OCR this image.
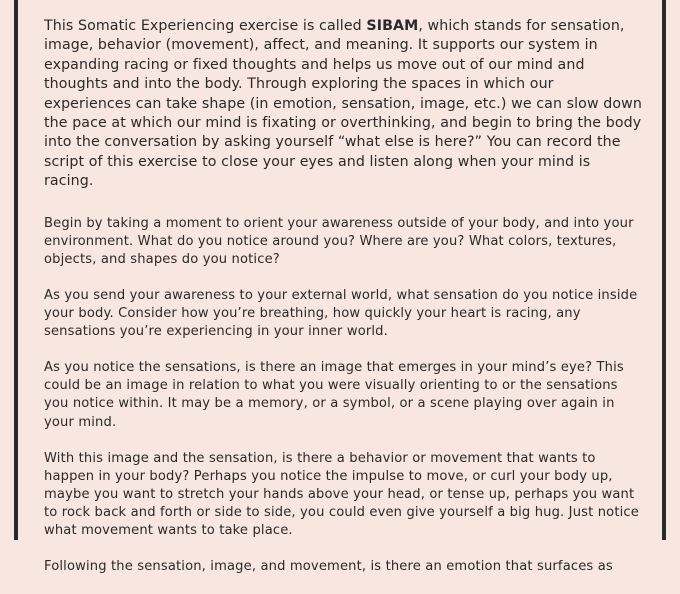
This Somatic Experiencing exercise is called SIBAM, which stands for sensation, image, behavior (movement), affect, and meaning. It supports our system in expanding racing or fixed thoughts and helps us move out of our mind and thoughts and into the body. Through exploring the spaces in which our experiences can take shape (in emotion, sensation, image, etc.) we can slow down the pace at which our mind is fixating or overthinking, and begin to bring the body into the conversation by asking yourself “what else is here?” You can record the script of this exercise to close your eyes and listen along when your mind is racing.

Begin by taking a moment to orient your awareness outside of your body, and into your environment. What do you notice around you? Where are you? What colors, textures, objects, and shapes do you notice?

As you send your awareness to your external world, what sensation do you notice inside your body. Consider how you’re breathing, how quickly your heart is racing, any sensations you’re experiencing in your inner world.

As you notice the sensations, is there an image that emerges in your mind’s eye? This could be an image in relation to what you were visually orienting to or the sensations you notice within. It may be a memory, or a symbol, or a scene playing over again in your mind.

With this image and the sensation, is there a behavior or movement that wants to happen in your body? Perhaps you notice the impulse to move, or curl your body up, maybe you want to stretch your hands above your head, or tense up, perhaps you want to rock back and forth or side to side, you could even give yourself a big hug. Just notice what movement wants to take place.

Following the sensation, image, and movement, is there an emotion that surfaces as
